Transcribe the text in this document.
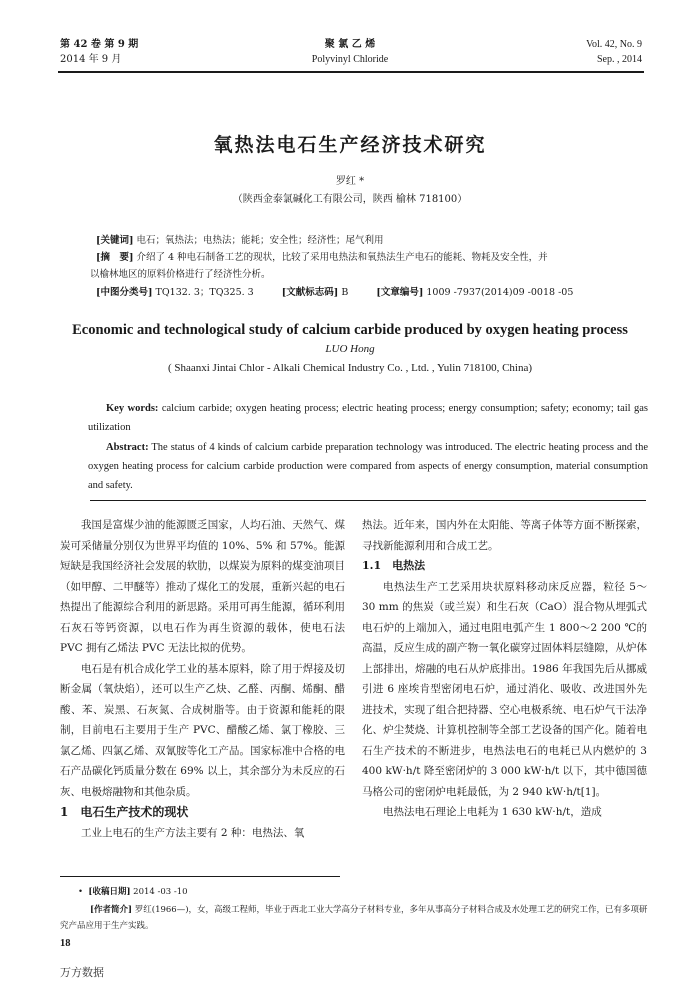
第 42 卷 第 9 期
2014 年 9 月
聚 氯 乙 烯
Polyvinyl Chloride
Vol. 42, No. 9
Sep. , 2014
氧热法电石生产经济技术研究
罗红 *
（陕西金泰氯碱化工有限公司，陕西 榆林 718100）
[关键词] 电石；氧热法；电热法；能耗；安全性；经济性；尾气利用
[摘　要] 介绍了 4 种电石制备工艺的现状，比较了采用电热法和氧热法生产电石的能耗、物耗及安全性，并
以榆林地区的原料价格进行了经济性分析。
[中图分类号] TQ132. 3；TQ325. 3	[文献标志码] B	[文章编号] 1009 -7937(2014)09 -0018 -05
Economic and technological study of calcium carbide produced by oxygen heating process
LUO Hong
( Shaanxi Jintai Chlor - Alkali Chemical Industry Co. , Ltd. , Yulin 718100, China)
Key words: calcium carbide; oxygen heating process; electric heating process; energy consumption; safety; economy; tail gas utilization
Abstract: The status of 4 kinds of calcium carbide preparation technology was introduced. The electric heating process and the oxygen heating process for calcium carbide production were compared from aspects of energy consumption, material consumption and safety.

我国是富煤少油的能源匮乏国家，人均石油、天然气、煤炭可采储量分别仅为世界平均值的 10%、5% 和 57%。能源短缺是我国经济社会发展的软肋，以煤炭为原料的煤变油项目（如甲醇、二甲醚等）推动了煤化工的发展，重新兴起的电石热提出了能源综合利用的新思路。采用可再生能源，循环利用石灰石等钙资源，以电石作为再生资源的载体，使电石法 PVC 拥有乙烯法 PVC 无法比拟的优势。

电石是有机合成化学工业的基本原料，除了用于焊接及切断金属（氧炔焰），还可以生产乙炔、乙醛、丙酮、烯酮、醋酸、苯、炭黑、石灰氮、合成树脂等。由于资源和能耗的限制，目前电石主要用于生产 PVC、醋酸乙烯、氯丁橡胶、三氯乙烯、四氯乙烯、双氰胺等化工产品。国家标准中合格的电石产品碳化钙质量分数在 69% 以上，其余部分为未反应的石灰、电极熔融物和其他杂质。

1　电石生产技术的现状

工业上电石的生产方法主要有 2 种：电热法、氧

热法。近年来，国内外在太阳能、等离子体等方面不断探索，寻找新能源利用和合成工艺。

1.1　电热法

电热法生产工艺采用块状原料移动床反应器，粒径 5～30 mm 的焦炭（或兰炭）和生石灰（CaO）混合物从埋弧式电石炉的上端加入，通过电阻电弧产生 1 800～2 200 ℃的高温，反应生成的副产物一氧化碳穿过固体料层缝隙，从炉体上部排出，熔融的电石从炉底排出。1986 年我国先后从挪威引进 6 座埃肯型密闭电石炉，通过消化、吸收、改进国外先进技术，实现了组合把持器、空心电极系统、电石炉气干法净化、炉尘焚烧、计算机控制等全部工艺设备的国产化。随着电石生产技术的不断进步，电热法电石的电耗已从内燃炉的 3 400 kW·h/t 降至密闭炉的 3 000 kW·h/t 以下，其中德国德马格公司的密闭炉电耗最低，为 2 940 kW·h/t[1]。

电热法电石理论上电耗为 1 630 kW·h/t，造成

•  [收稿日期] 2014 -03 -10
[作者简介] 罗红(1966—)，女，高级工程师，毕业于西北工业大学高分子材料专业，多年从事高分子材料合成及水处理工艺的研究工作，已有多项研究产品应用于生产实践。
18
万方数据
